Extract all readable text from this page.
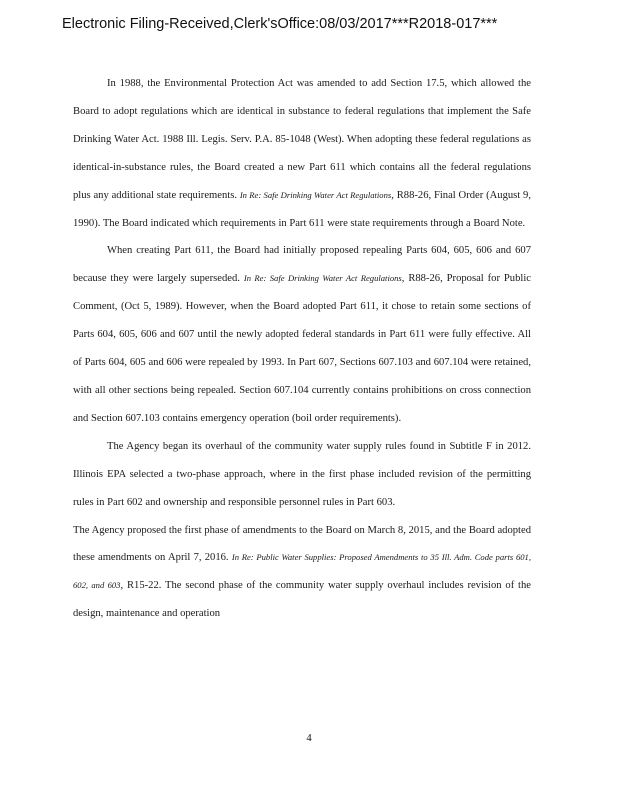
Electronic Filing-Received,Clerk'sOffice:08/03/2017***R2018-017***

In 1988, the Environmental Protection Act was amended to add Section 17.5, which allowed the Board to adopt regulations which are identical in substance to federal regulations that implement the Safe Drinking Water Act. 1988 Ill. Legis. Serv. P.A. 85-1048 (West). When adopting these federal regulations as identical-in-substance rules, the Board created a new Part 611 which contains all the federal regulations plus any additional state requirements. In Re: Safe Drinking Water Act Regulations, R88-26, Final Order (August 9, 1990). The Board indicated which requirements in Part 611 were state requirements through a Board Note.

When creating Part 611, the Board had initially proposed repealing Parts 604, 605, 606 and 607 because they were largely superseded. In Re: Safe Drinking Water Act Regulations, R88-26, Proposal for Public Comment, (Oct 5, 1989). However, when the Board adopted Part 611, it chose to retain some sections of Parts 604, 605, 606 and 607 until the newly adopted federal standards in Part 611 were fully effective. All of Parts 604, 605 and 606 were repealed by 1993. In Part 607, Sections 607.103 and 607.104 were retained, with all other sections being repealed. Section 607.104 currently contains prohibitions on cross connection and Section 607.103 contains emergency operation (boil order requirements).

The Agency began its overhaul of the community water supply rules found in Subtitle F in 2012. Illinois EPA selected a two-phase approach, where in the first phase included revision of the permitting rules in Part 602 and ownership and responsible personnel rules in Part 603.

The Agency proposed the first phase of amendments to the Board on March 8, 2015, and the Board adopted these amendments on April 7, 2016. In Re: Public Water Supplies: Proposed Amendments to 35 Ill. Adm. Code parts 601, 602, and 603, R15-22. The second phase of the community water supply overhaul includes revision of the design, maintenance and operation

4
